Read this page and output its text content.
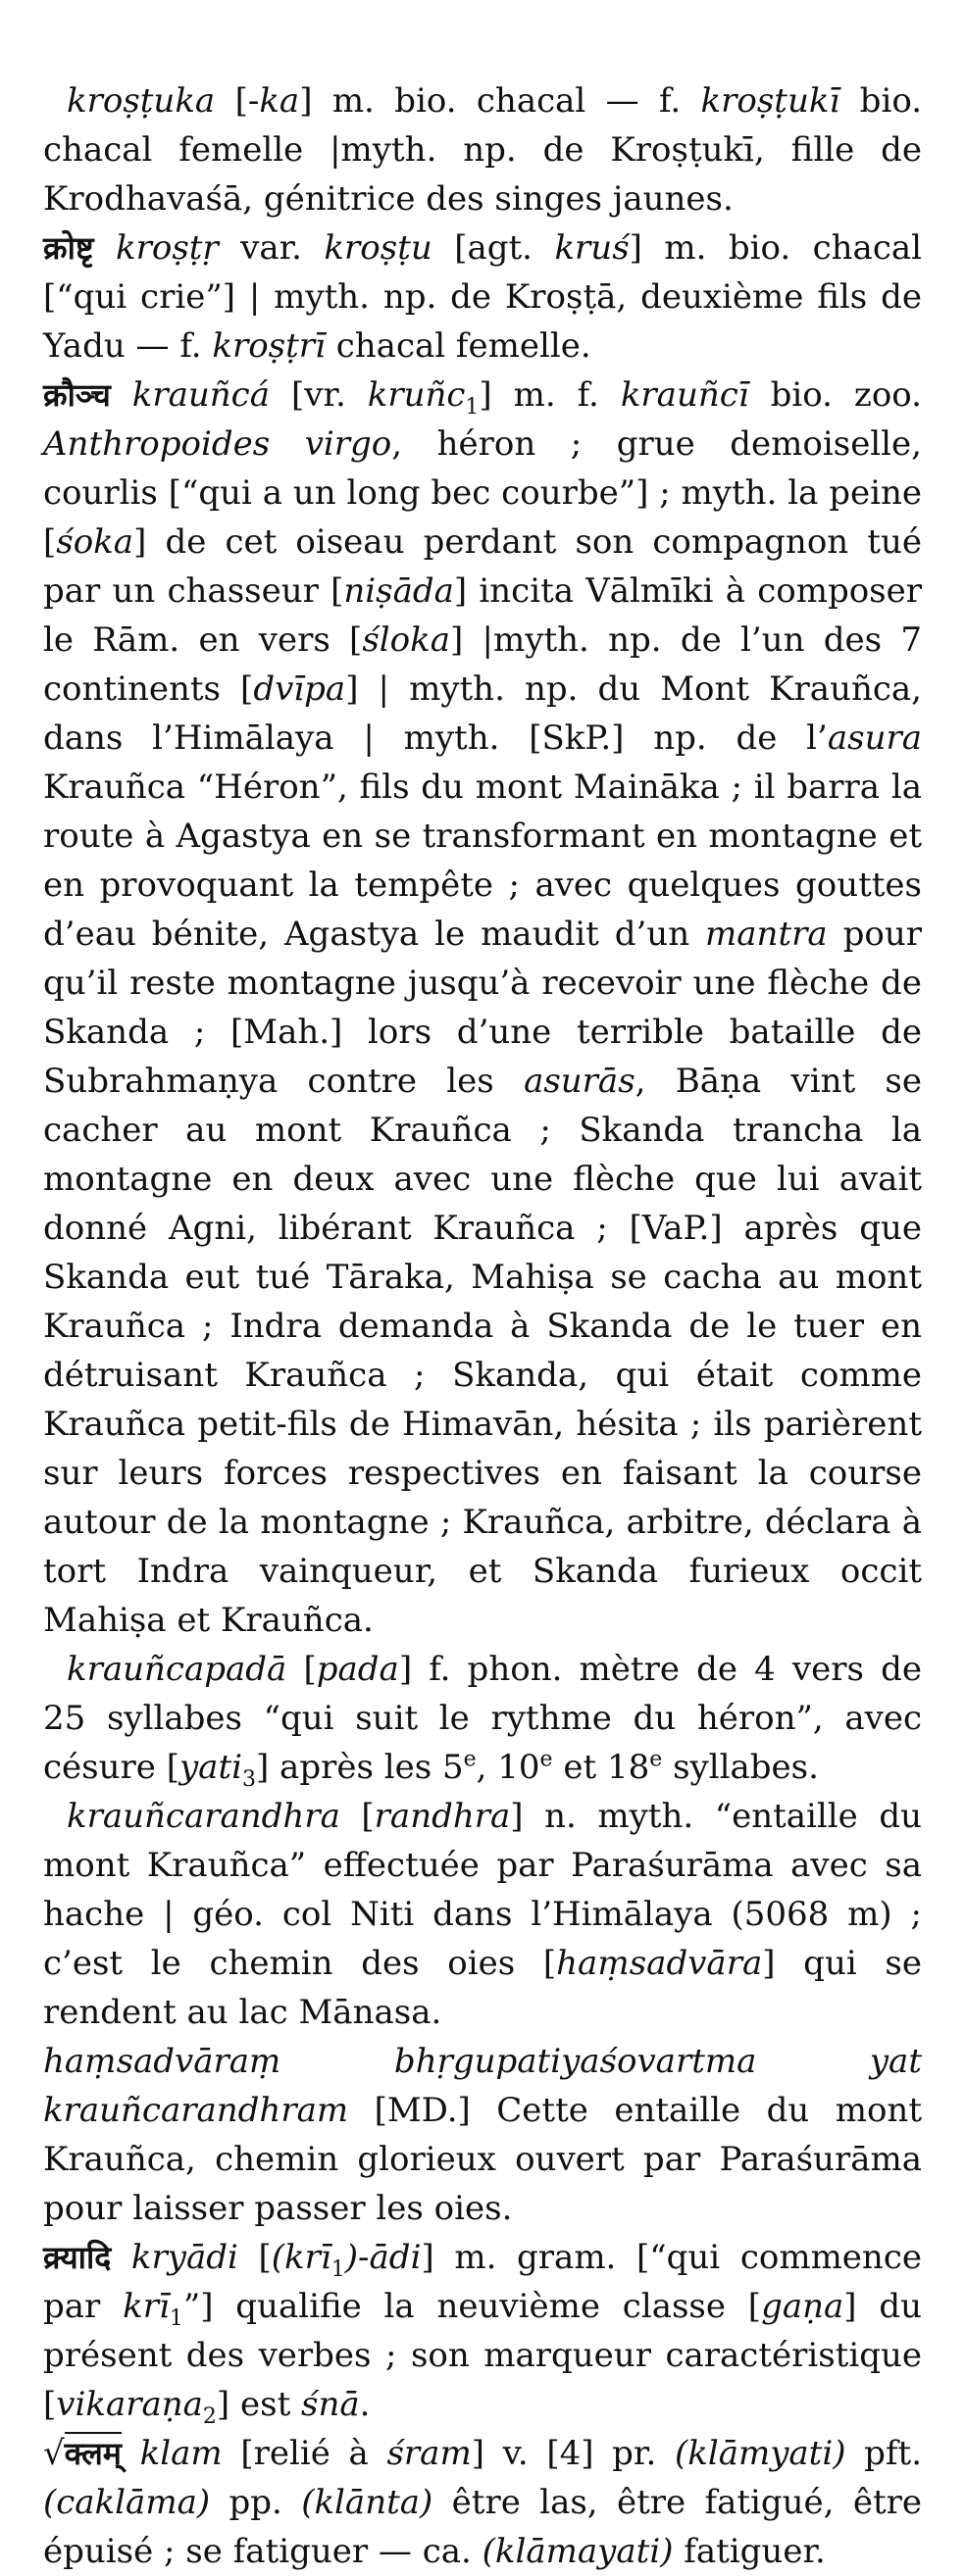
kroṣṭuka [-ka] m. bio. chacal — f. kroṣṭukī bio. chacal femelle |myth. np. de Kroṣṭukī, fille de Krodhavaśā, génitrice des singes jaunes.

क्रोष्टृ kroṣṭṛ var. kroṣṭu [agt. kruś] m. bio. chacal [“qui crie”] | myth. np. de Kroṣṭā, deuxième fils de Yadu — f. kroṣṭrī chacal femelle.

क्रौञ्च krauñcá [vr. kruñc$_1$] m. f. krauñcī bio. zoo. Anthropoides virgo, héron ; grue demoiselle, courlis [“qui a un long bec courbe”] ; myth. la peine [śoka] de cet oiseau perdant son compagnon tué par un chasseur [niṣāda] incita Vālmīki à composer le Rām. en vers [śloka] |myth. np. de l’un des 7 continents [dvīpa] | myth. np. du Mont Krauñca, dans l’Himālaya | myth. [SkP.] np. de l’asura Krauñca “Héron”, fils du mont Maināka ; il barra la route à Agastya en se transformant en montagne et en provoquant la tempête ; avec quelques gouttes d’eau bénite, Agastya le maudit d’un mantra pour qu’il reste montagne jusqu’à recevoir une flèche de Skanda ; [Mah.] lors d’une terrible bataille de Subrahmaṇya contre les asurās, Bāṇa vint se cacher au mont Krauñca ; Skanda trancha la montagne en deux avec une flèche que lui avait donné Agni, libérant Krauñca ; [VaP.] après que Skanda eut tué Tāraka, Mahiṣa se cacha au mont Krauñca ; Indra demanda à Skanda de le tuer en détruisant Krauñca ; Skanda, qui était comme Krauñca petit-fils de Himavān, hésita ; ils parièrent sur leurs forces respectives en faisant la course autour de la montagne ; Krauñca, arbitre, déclara à tort Indra vainqueur, et Skanda furieux occit Mahiṣa et Krauñca.

krauñcapadā [pada] f. phon. mètre de 4 vers de 25 syllabes “qui suit le rythme du héron”, avec césure [yati$_3$] après les 5e, 10e et 18e syllabes.

krauñcarandhra [randhra] n. myth. “entaille du mont Krauñca” effectuée par Paraśurāma avec sa hache | géo. col Niti dans l’Himālaya (5068 m) ; c’est le chemin des oies [haṃsadvāra] qui se rendent au lac Mānasa.

haṃsadvāraṃ bhṛgupatiyaśovartma yat krauñcarandhram [MD.] Cette entaille du mont Krauñca, chemin glorieux ouvert par Paraśurāma pour laisser passer les oies.

क्र्यादि kryādi [(krī$_1$)-ādi] m. gram. [“qui commence par krī$_1$”] qualifie la neuvième classe [gaṇa] du présent des verbes ; son marqueur caractéristique [vikaraṇa$_2$] est śnā.

√क्लम् klam [relié à śram] v. [4] pr. (klāmyati) pft. (caklāma) pp. (klānta) être las, être fatigué, être épuisé ; se fatiguer — ca. (klāmayati) fatiguer.
